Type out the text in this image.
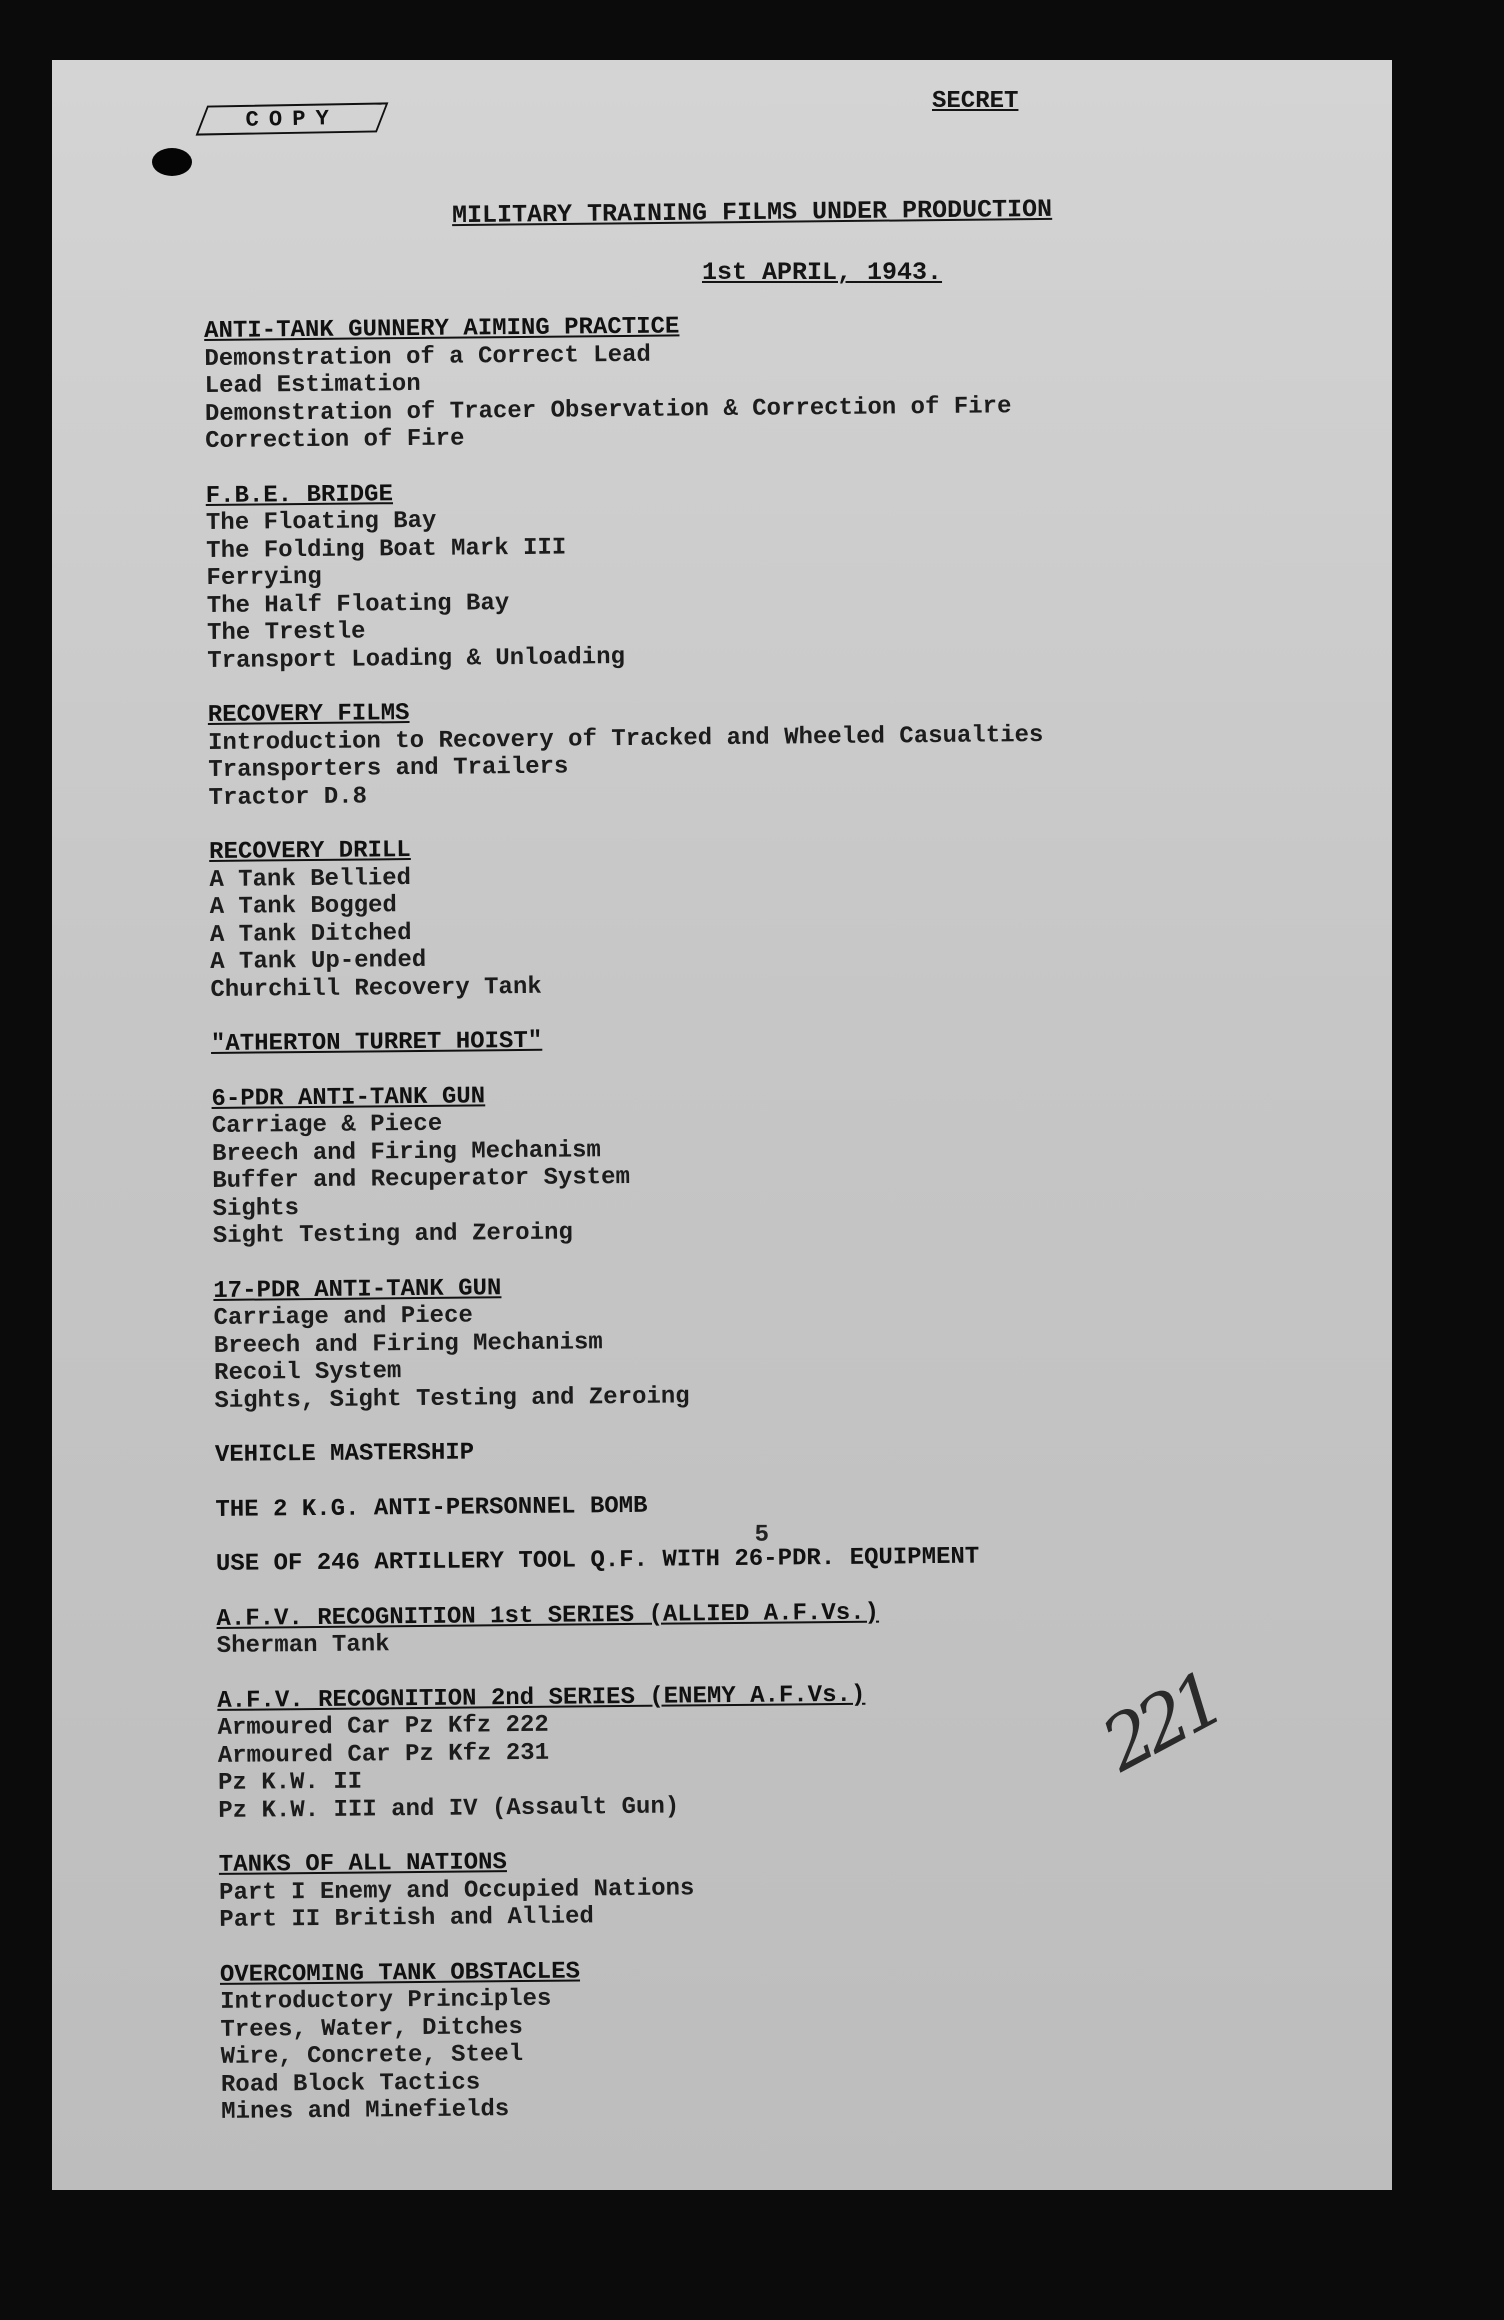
COPY
SECRET
MILITARY TRAINING FILMS UNDER PRODUCTION
1st APRIL, 1943.
ANTI-TANK GUNNERY AIMING PRACTICE
Demonstration of a Correct Lead
Lead Estimation
Demonstration of Tracer Observation & Correction of Fire
Correction of Fire
F.B.E. BRIDGE
The Floating Bay
The Folding Boat Mark III
Ferrying
The Half Floating Bay
The Trestle
Transport Loading & Unloading
RECOVERY FILMS
Introduction to Recovery of Tracked and Wheeled Casualties
Transporters and Trailers
Tractor D.8
RECOVERY DRILL
A Tank Bellied
A Tank Bogged
A Tank Ditched
A Tank Up-ended
Churchill Recovery Tank
"ATHERTON TURRET HOIST"
6-PDR ANTI-TANK GUN
Carriage & Piece
Breech and Firing Mechanism
Buffer and Recuperator System
Sights
Sight Testing and Zeroing
17-PDR ANTI-TANK GUN
Carriage and Piece
Breech and Firing Mechanism
Recoil System
Sights, Sight Testing and Zeroing
VEHICLE MASTERSHIP
THE 2 K.G. ANTI-PERSONNEL BOMB
USE OF 246 ARTILLERY TOOL Q.F. WITH 26
5
-PDR. EQUIPMENT
A.F.V. RECOGNITION 1st SERIES (ALLIED A.F.Vs.)
Sherman Tank
A.F.V. RECOGNITION 2nd SERIES (ENEMY A.F.Vs.)
Armoured Car Pz Kfz 222
Armoured Car Pz Kfz 231
Pz K.W. II
Pz K.W. III and IV (Assault Gun)
TANKS OF ALL NATIONS
Part I Enemy and Occupied Nations
Part II British and Allied
OVERCOMING TANK OBSTACLES
Introductory Principles
Trees, Water, Ditches
Wire, Concrete, Steel
Road Block Tactics
Mines and Minefields
221
